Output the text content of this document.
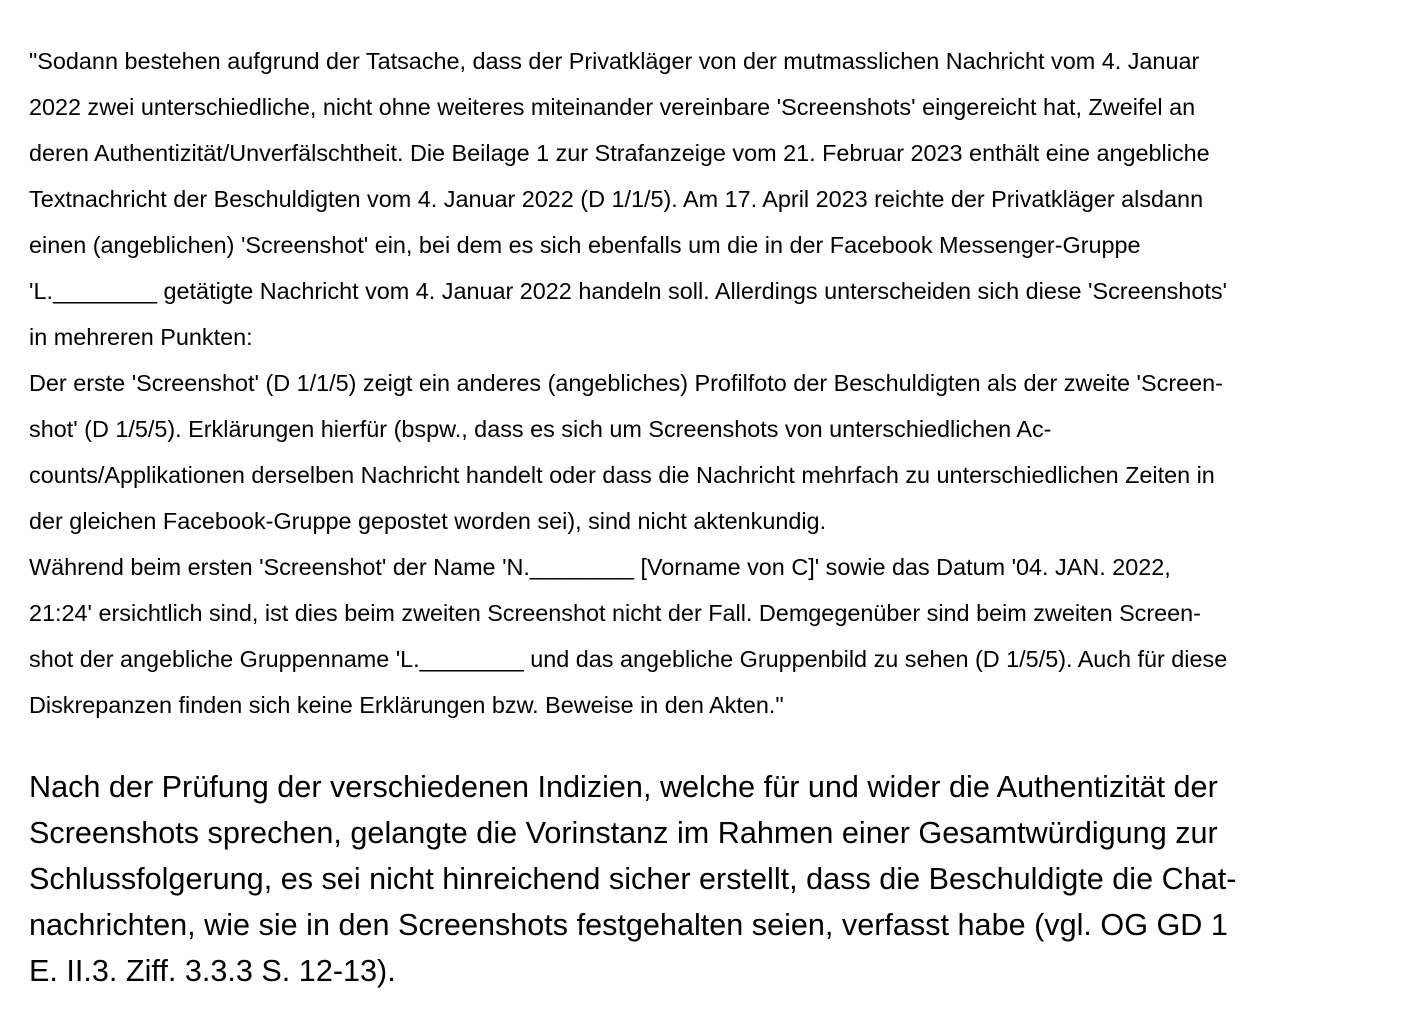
"Sodann bestehen aufgrund der Tatsache, dass der Privatkläger von der mutmasslichen Nachricht vom 4. Januar
2022 zwei unterschiedliche, nicht ohne weiteres miteinander vereinbare 'Screenshots' eingereicht hat, Zweifel an
deren Authentizität/Unverfälschtheit. Die Beilage 1 zur Strafanzeige vom 21. Februar 2023 enthält eine angebliche
Textnachricht der Beschuldigten vom 4. Januar 2022 (D 1/1/5). Am 17. April 2023 reichte der Privatkläger alsdann
einen (angeblichen) 'Screenshot' ein, bei dem es sich ebenfalls um die in der Facebook Messenger-Gruppe
'L.________ getätigte Nachricht vom 4. Januar 2022 handeln soll. Allerdings unterscheiden sich diese 'Screenshots'
in mehreren Punkten:
Der erste 'Screenshot' (D 1/1/5) zeigt ein anderes (angebliches) Profilfoto der Beschuldigten als der zweite 'Screen-
shot' (D 1/5/5). Erklärungen hierfür (bspw., dass es sich um Screenshots von unterschiedlichen Ac-
counts/Applikationen derselben Nachricht handelt oder dass die Nachricht mehrfach zu unterschiedlichen Zeiten in
der gleichen Facebook-Gruppe gepostet worden sei), sind nicht aktenkundig.
Während beim ersten 'Screenshot' der Name 'N.________ [Vorname von C]' sowie das Datum '04. JAN. 2022,
21:24' ersichtlich sind, ist dies beim zweiten Screenshot nicht der Fall. Demgegenüber sind beim zweiten Screen-
shot der angebliche Gruppenname 'L.________ und das angebliche Gruppenbild zu sehen (D 1/5/5). Auch für diese
Diskrepanzen finden sich keine Erklärungen bzw. Beweise in den Akten."
Nach der Prüfung der verschiedenen Indizien, welche für und wider die Authentizität der
Screenshots sprechen, gelangte die Vorinstanz im Rahmen einer Gesamtwürdigung zur
Schlussfolgerung, es sei nicht hinreichend sicher erstellt, dass die Beschuldigte die Chat-
nachrichten, wie sie in den Screenshots festgehalten seien, verfasst habe (vgl. OG GD 1
E. II.3. Ziff. 3.3.3 S. 12-13).
